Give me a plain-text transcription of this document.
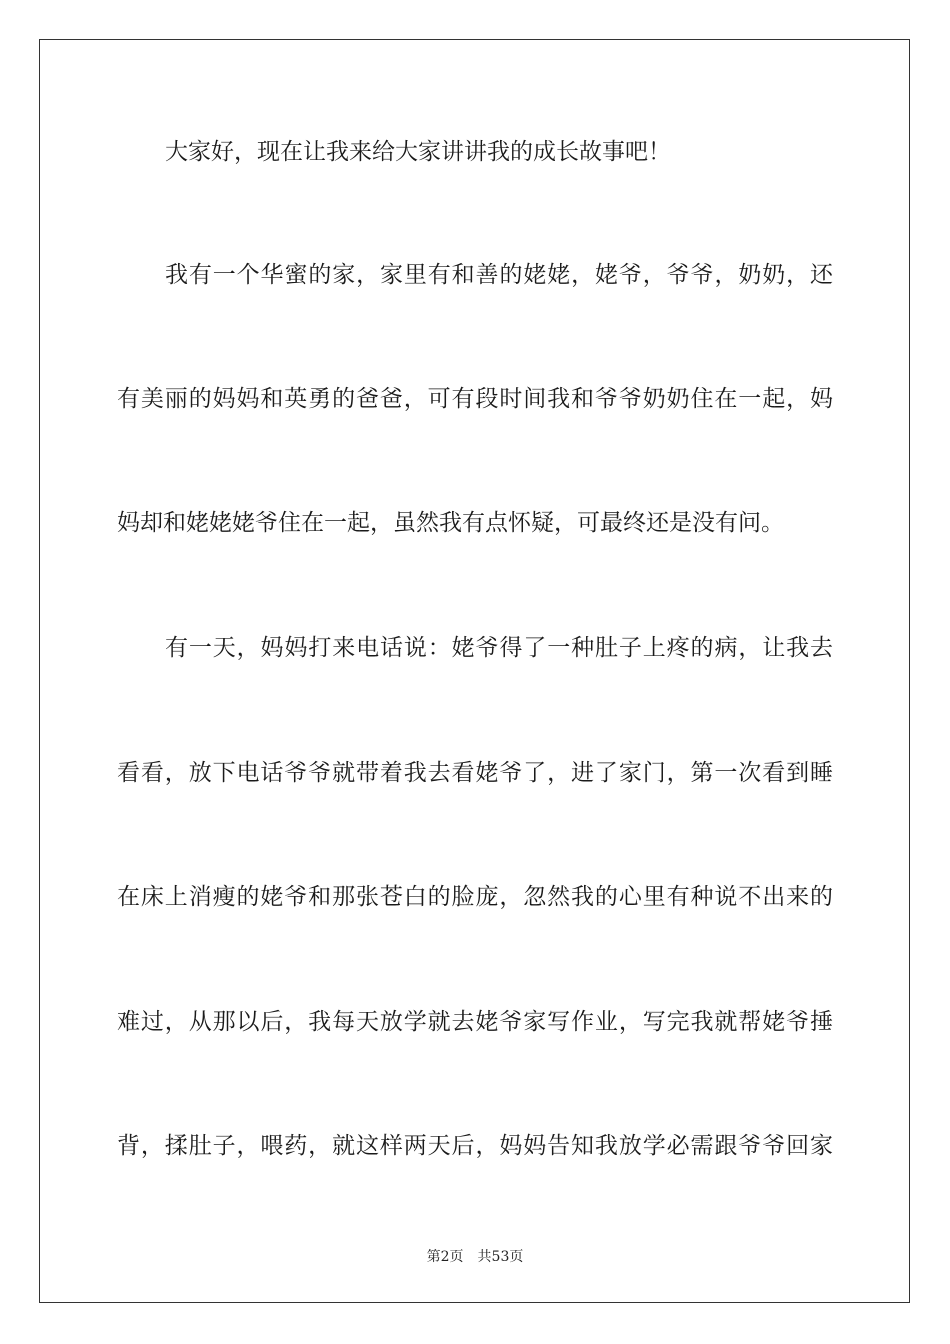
大家好，现在让我来给大家讲讲我的成长故事吧！
我有一个华蜜的家，家里有和善的姥姥，姥爷，爷爷，奶奶，还
有美丽的妈妈和英勇的爸爸，可有段时间我和爷爷奶奶住在一起，妈
妈却和姥姥姥爷住在一起，虽然我有点怀疑，可最终还是没有问。
有一天，妈妈打来电话说：姥爷得了一种肚子上疼的病，让我去
看看，放下电话爷爷就带着我去看姥爷了，进了家门，第一次看到睡
在床上消瘦的姥爷和那张苍白的脸庞，忽然我的心里有种说不出来的
难过，从那以后，我每天放学就去姥爷家写作业，写完我就帮姥爷捶
背，揉肚子，喂药，就这样两天后，妈妈告知我放学必需跟爷爷回家
第2页 共53页
